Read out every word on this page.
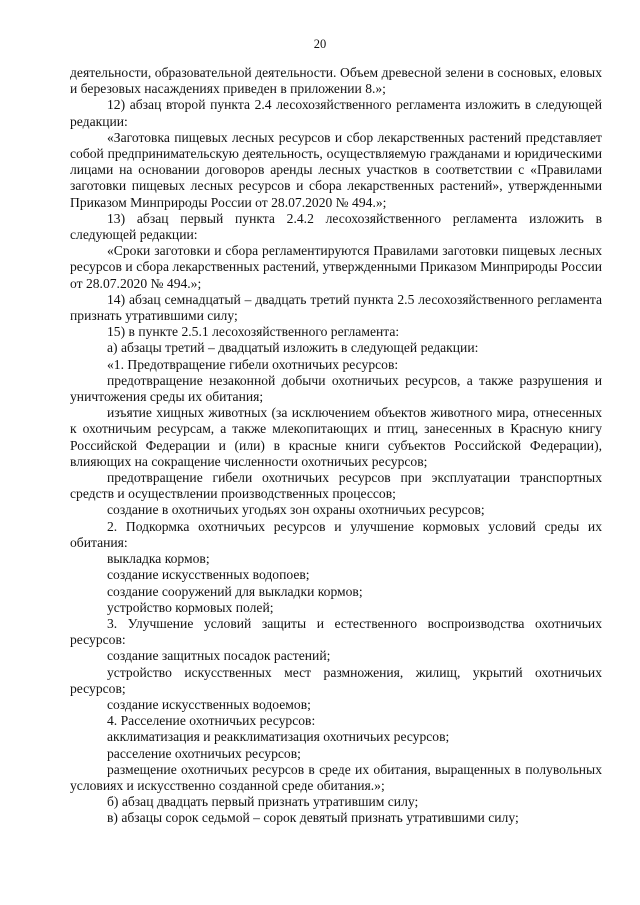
20

деятельности, образовательной деятельности. Объем древесной зелени в сосновых, еловых и березовых насаждениях приведен в приложении 8.»;

12) абзац второй пункта 2.4 лесохозяйственного регламента изложить в следующей редакции:

«Заготовка пищевых лесных ресурсов и сбор лекарственных растений представляет собой предпринимательскую деятельность, осуществляемую гражданами и юридическими лицами на основании договоров аренды лесных участков в соответствии с «Правилами заготовки пищевых лесных ресурсов и сбора лекарственных растений», утвержденными Приказом Минприроды России от 28.07.2020 № 494.»;

13) абзац первый пункта 2.4.2 лесохозяйственного регламента изложить в следующей редакции:

«Сроки заготовки и сбора регламентируются Правилами заготовки пищевых лесных ресурсов и сбора лекарственных растений, утвержденными Приказом Минприроды России от 28.07.2020 № 494.»;

14) абзац семнадцатый – двадцать третий пункта 2.5 лесохозяйственного регламента признать утратившими силу;

15) в пункте 2.5.1 лесохозяйственного регламента:

а) абзацы третий – двадцатый изложить в следующей редакции:

«1. Предотвращение гибели охотничьих ресурсов:

предотвращение незаконной добычи охотничьих ресурсов, а также разрушения и уничтожения среды их обитания;

изъятие хищных животных (за исключением объектов животного мира, отнесенных к охотничьим ресурсам, а также млекопитающих и птиц, занесенных в Красную книгу Российской Федерации и (или) в красные книги субъектов Российской Федерации), влияющих на сокращение численности охотничьих ресурсов;

предотвращение гибели охотничьих ресурсов при эксплуатации транспортных средств и осуществлении производственных процессов;

создание в охотничьих угодьях зон охраны охотничьих ресурсов;

2. Подкормка охотничьих ресурсов и улучшение кормовых условий среды их обитания:

выкладка кормов;

создание искусственных водопоев;

создание сооружений для выкладки кормов;

устройство кормовых полей;

3. Улучшение условий защиты и естественного воспроизводства охотничьих ресурсов:

создание защитных посадок растений;

устройство искусственных мест размножения, жилищ, укрытий охотничьих ресурсов;

создание искусственных водоемов;

4. Расселение охотничьих ресурсов:

акклиматизация и реакклиматизация охотничьих ресурсов;

расселение охотничьих ресурсов;

размещение охотничьих ресурсов в среде их обитания, выращенных в полувольных условиях и искусственно созданной среде обитания.»;

б) абзац двадцать первый признать утратившим силу;

в) абзацы сорок седьмой – сорок девятый признать утратившими силу;
